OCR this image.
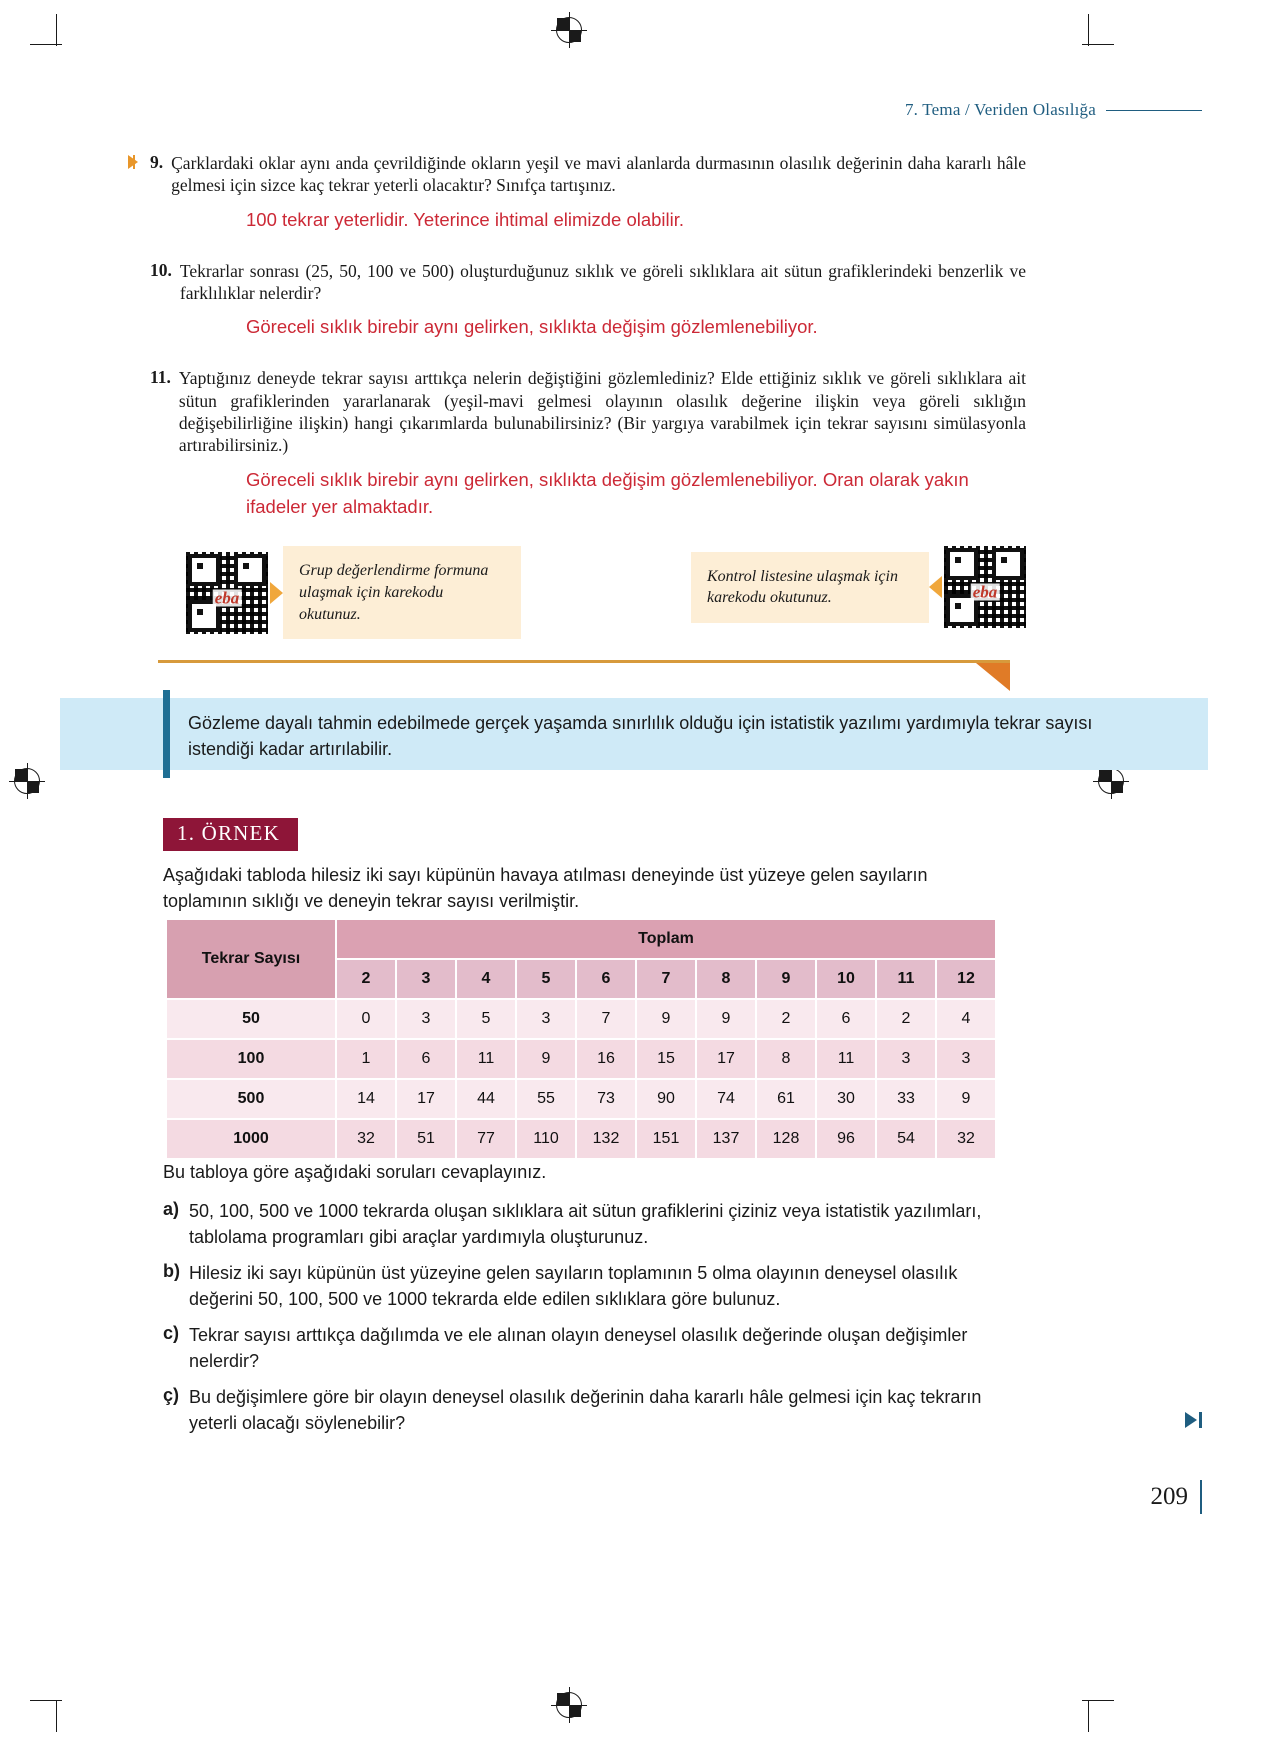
7. Tema / Veriden Olasılığa
9. Çarklardaki oklar aynı anda çevrildiğinde okların yeşil ve mavi alanlarda durmasının olasılık değerinin daha kararlı hâle gelmesi için sizce kaç tekrar yeterli olacaktır? Sınıfça tartışınız.
100 tekrar yeterlidir. Yeterince ihtimal elimizde olabilir.
10. Tekrarlar sonrası (25, 50, 100 ve 500) oluşturduğunuz sıklık ve göreli sıklıklara ait sütun grafiklerindeki benzerlik ve farklılıklar nelerdir?
Göreceli sıklık birebir aynı gelirken, sıklıkta değişim gözlemlenebiliyor.
11. Yaptığınız deneyde tekrar sayısı arttıkça nelerin değiştiğini gözlemlediniz? Elde ettiğiniz sıklık ve göreli sıklıklara ait sütun grafiklerinden yararlanarak (yeşil-mavi gelmesi olayının olasılık değerine ilişkin veya göreli sıklığın değişebilirliğine ilişkin) hangi çıkarımlarda bulunabilirsiniz? (Bir yargıya varabilmek için tekrar sayısını simülasyonla artırabilirsiniz.)
Göreceli sıklık birebir aynı gelirken, sıklıkta değişim gözlemlenebiliyor. Oran olarak yakın ifadeler yer almaktadır.
eba
Grup değerlendirme formuna ulaşmak için karekodu okutunuz.
Kontrol listesine ulaşmak için karekodu okutunuz.	eba
Gözleme dayalı tahmin edebilmede gerçek yaşamda sınırlılık olduğu için istatistik yazılımı yardımıyla tekrar sayısı istendiği kadar artırılabilir.
1. ÖRNEK
Aşağıdaki tabloda hilesiz iki sayı küpünün havaya atılması deneyinde üst yüzeye gelen sayıların toplamının sıklığı ve deneyin tekrar sayısı verilmiştir.
Tekrar Sayısı	Toplam										
	2	3	4	5	6	7	8	9	10	11	12
50	0	3	5	3	7	9	9	2	6	2	4
100	1	6	11	9	16	15	17	8	11	3	3
500	14	17	44	55	73	90	74	61	30	33	9
1000	32	51	77	110	132	151	137	128	96	54	32
Bu tabloya göre aşağıdaki soruları cevaplayınız.
a) 50, 100, 500 ve 1000 tekrarda oluşan sıklıklara ait sütun grafiklerini çiziniz veya istatistik yazılımları, tablolama programları gibi araçlar yardımıyla oluşturunuz.
b) Hilesiz iki sayı küpünün üst yüzeyine gelen sayıların toplamının 5 olma olayının deneysel olasılık değerini 50, 100, 500 ve 1000 tekrarda elde edilen sıklıklara göre bulunuz.
c) Tekrar sayısı arttıkça dağılımda ve ele alınan olayın deneysel olasılık değerinde oluşan değişimler nelerdir?
ç) Bu değişimlere göre bir olayın deneysel olasılık değerinin daha kararlı hâle gelmesi için kaç tekrarın yeterli olacağı söylenebilir?
209
